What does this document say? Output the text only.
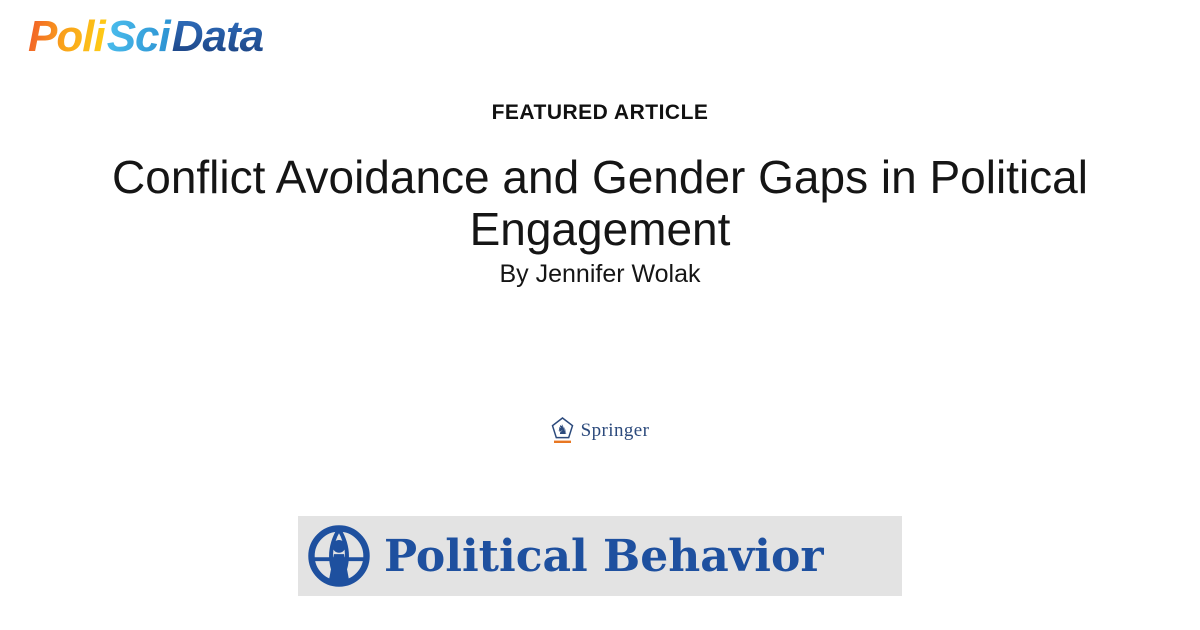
PoliSciData
FEATURED ARTICLE
Conflict Avoidance and Gender Gaps in Political Engagement
By Jennifer Wolak
♞ Springer
Political Behavior
